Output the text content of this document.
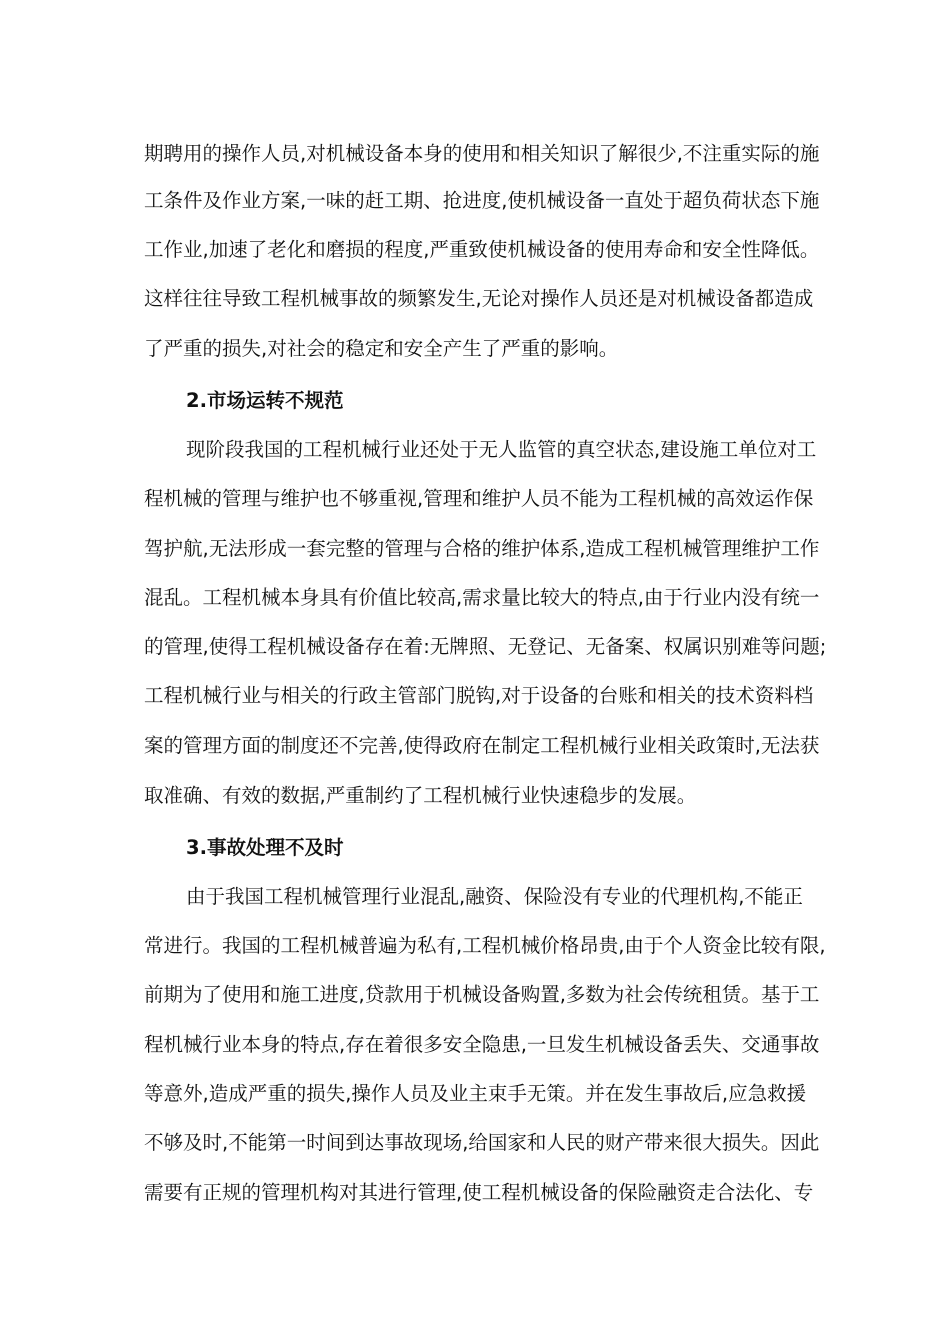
期聘用的操作人员,对机械设备本身的使用和相关知识了解很少,不注重实际的施
工条件及作业方案,一味的赶工期、抢进度,使机械设备一直处于超负荷状态下施
工作业,加速了老化和磨损的程度,严重致使机械设备的使用寿命和安全性降低。
这样往往导致工程机械事故的频繁发生,无论对操作人员还是对机械设备都造成
了严重的损失,对社会的稳定和安全产生了严重的影响。
2.市场运转不规范
现阶段我国的工程机械行业还处于无人监管的真空状态,建设施工单位对工
程机械的管理与维护也不够重视,管理和维护人员不能为工程机械的高效运作保
驾护航,无法形成一套完整的管理与合格的维护体系,造成工程机械管理维护工作
混乱。工程机械本身具有价值比较高,需求量比较大的特点,由于行业内没有统一
的管理,使得工程机械设备存在着:无牌照、无登记、无备案、权属识别难等问题;
工程机械行业与相关的行政主管部门脱钩,对于设备的台账和相关的技术资料档
案的管理方面的制度还不完善,使得政府在制定工程机械行业相关政策时,无法获
取准确、有效的数据,严重制约了工程机械行业快速稳步的发展。
3.事故处理不及时
由于我国工程机械管理行业混乱,融资、保险没有专业的代理机构,不能正
常进行。我国的工程机械普遍为私有,工程机械价格昂贵,由于个人资金比较有限,
前期为了使用和施工进度,贷款用于机械设备购置,多数为社会传统租赁。基于工
程机械行业本身的特点,存在着很多安全隐患,一旦发生机械设备丢失、交通事故
等意外,造成严重的损失,操作人员及业主束手无策。并在发生事故后,应急救援
不够及时,不能第一时间到达事故现场,给国家和人民的财产带来很大损失。因此
需要有正规的管理机构对其进行管理,使工程机械设备的保险融资走合法化、专
